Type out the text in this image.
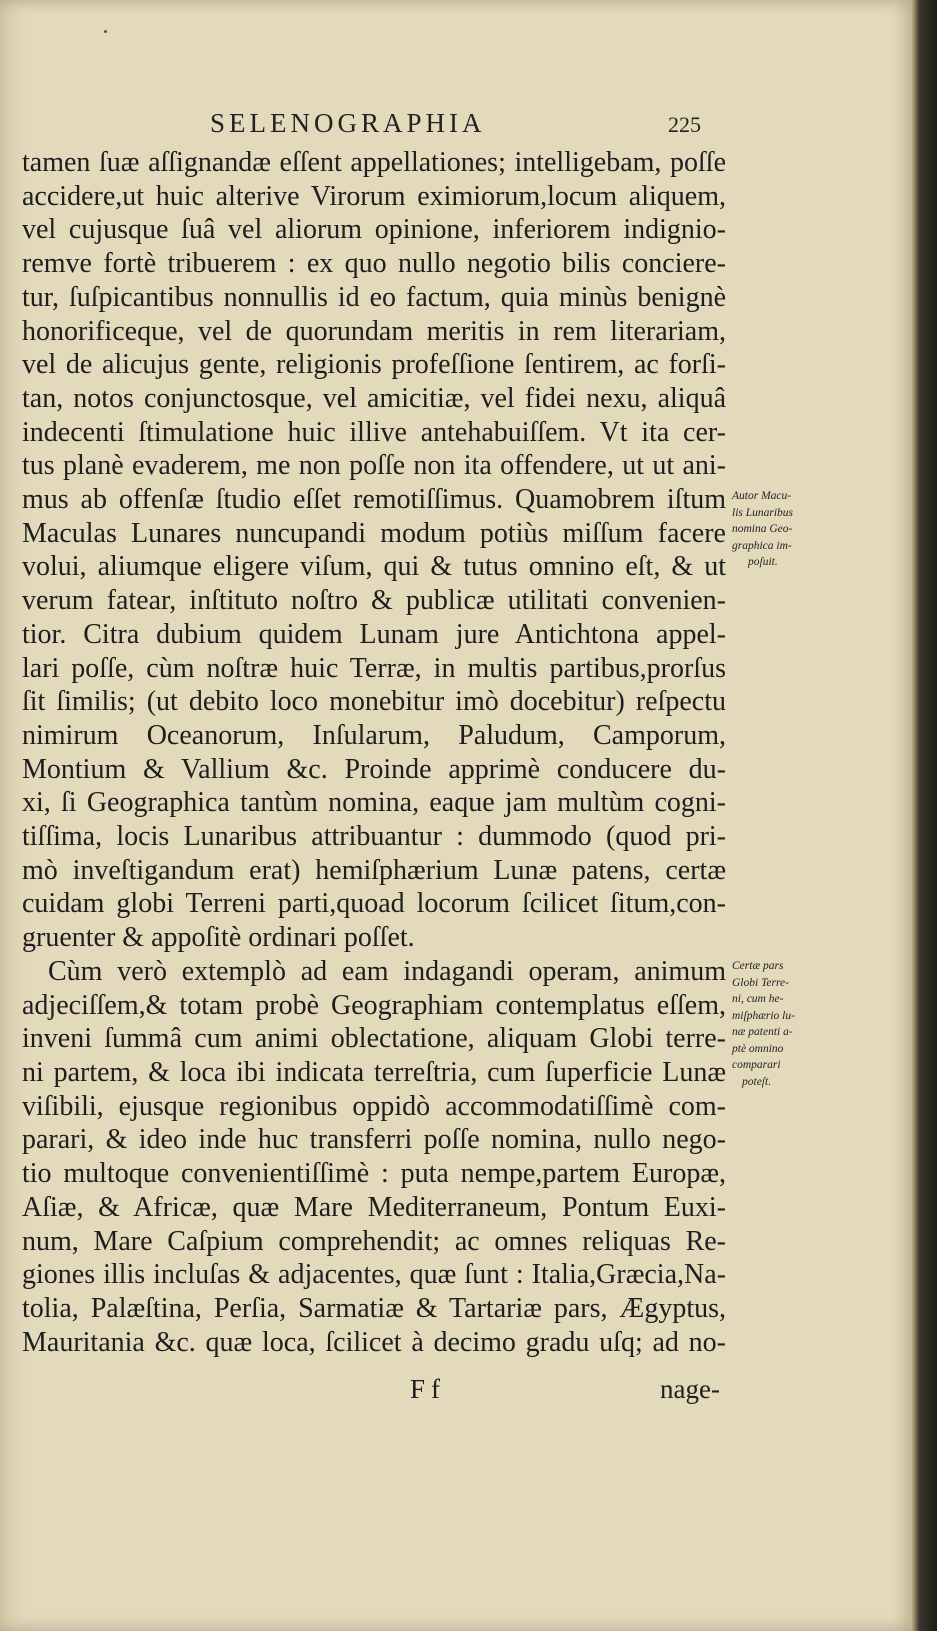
SELENOGRAPHIA	225
tamen ſuæ aſſignandæ eſſent appellationes; intelligebam, poſſe
accidere,ut huic alterive Virorum eximiorum,locum aliquem,
vel cujusque ſuâ vel aliorum opinione, inferiorem indignio-
remve fortè tribuerem : ex quo nullo negotio bilis conciere-
tur, ſuſpicantibus nonnullis id eo factum, quia minùs benignè
honorificeque, vel de quorundam meritis in rem literariam,
vel de alicujus gente, religionis profeſſione ſentirem, ac forſi-
tan, notos conjunctosque, vel amicitiæ, vel fidei nexu, aliquâ
indecenti ſtimulatione huic illive antehabuiſſem. Vt ita cer-
tus planè evaderem, me non poſſe non ita offendere, ut ut ani-
mus ab offenſæ ſtudio eſſet remotiſſimus. Quamobrem iſtum
Maculas Lunares nuncupandi modum potiùs miſſum facere
volui, aliumque eligere viſum, qui & tutus omnino eſt, & ut
verum fatear, inſtituto noſtro & publicæ utilitati convenien-
tior. Citra dubium quidem Lunam jure Antichtona appel-
lari poſſe, cùm noſtræ huic Terræ, in multis partibus,prorſus
ſit ſimilis; (ut debito loco monebitur imò docebitur) reſpectu
nimirum Oceanorum, Inſularum, Paludum, Camporum,
Montium & Vallium &c. Proinde apprimè conducere du-
xi, ſi Geographica tantùm nomina, eaque jam multùm cogni-
tiſſima, locis Lunaribus attribuantur : dummodo (quod pri-
mò inveſtigandum erat) hemiſphærium Lunæ patens, certæ
cuidam globi Terreni parti,quoad locorum ſcilicet ſitum,con-
gruenter & appoſitè ordinari poſſet.
Cùm verò extemplò ad eam indagandi operam, animum
adjeciſſem,& totam probè Geographiam contemplatus eſſem,
inveni ſummâ cum animi oblectatione, aliquam Globi terre-
ni partem, & loca ibi indicata terreſtria, cum ſuperficie Lunæ
viſibili, ejusque regionibus oppidò accommodatiſſimè com-
parari, & ideo inde huc transferri poſſe nomina, nullo nego-
tio multoque convenientiſſimè : puta nempe,partem Europæ,
Aſiæ, & Africæ, quæ Mare Mediterraneum, Pontum Euxi-
num, Mare Caſpium comprehendit; ac omnes reliquas Re-
giones illis incluſas & adjacentes, quæ ſunt : Italia,Græcia,Na-
tolia, Palæſtina, Perſia, Sarmatiæ & Tartariæ pars, Ægyptus,
Mauritania &c. quæ loca, ſcilicet à decimo gradu uſq; ad no-
Autor Macu-
lis Lunaribus
nomina Geo-
graphica im-
poſuit.
Certæ pars
Globi Terre-
ni, cum he-
miſphærio lu-
næ patenti a-
ptè omnino
comparari
poteſt.
Ff	nage-
